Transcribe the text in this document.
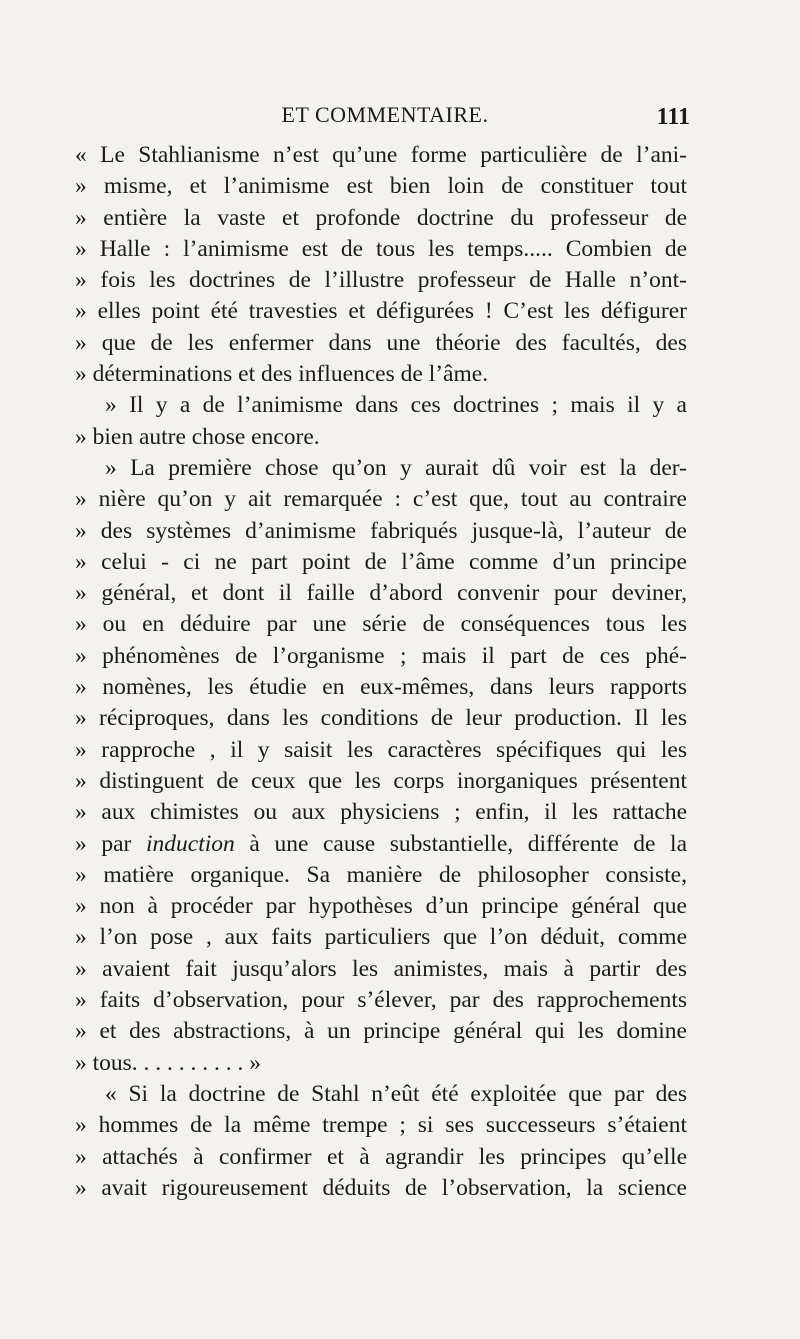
ET COMMENTAIRE.	111
« Le Stahlianisme n’est qu’une forme particulière de l’ani-
» misme, et l’animisme est bien loin de constituer tout
» entière la vaste et profonde doctrine du professeur de
» Halle : l’animisme est de tous les temps..... Combien de
» fois les doctrines de l’illustre professeur de Halle n’ont-
» elles point été travesties et défigurées ! C’est les défigurer
» que de les enfermer dans une théorie des facultés, des
» déterminations et des influences de l’âme.
» Il y a de l’animisme dans ces doctrines ; mais il y a
» bien autre chose encore.
» La première chose qu’on y aurait dû voir est la der-
» nière qu’on y ait remarquée : c’est que, tout au contraire
» des systèmes d’animisme fabriqués jusque-là, l’auteur de
» celui - ci ne part point de l’âme comme d’un principe
» général, et dont il faille d’abord convenir pour deviner,
» ou en déduire par une série de conséquences tous les
» phénomènes de l’organisme ; mais il part de ces phé-
» nomènes, les étudie en eux-mêmes, dans leurs rapports
» réciproques, dans les conditions de leur production. Il les
» rapproche , il y saisit les caractères spécifiques qui les
» distinguent de ceux que les corps inorganiques présentent
» aux chimistes ou aux physiciens ; enfin, il les rattache
» par induction à une cause substantielle, différente de la
» matière organique. Sa manière de philosopher consiste,
» non à procéder par hypothèses d’un principe général que
» l’on pose , aux faits particuliers que l’on déduit, comme
» avaient fait jusqu’alors les animistes, mais à partir des
» faits d’observation, pour s’élever, par des rapprochements
» et des abstractions, à un principe général qui les domine
» tous. . . . . . . . . . »
« Si la doctrine de Stahl n’eût été exploitée que par des
» hommes de la même trempe ; si ses successeurs s’étaient
» attachés à confirmer et à agrandir les principes qu’elle
» avait rigoureusement déduits de l’observation, la science
